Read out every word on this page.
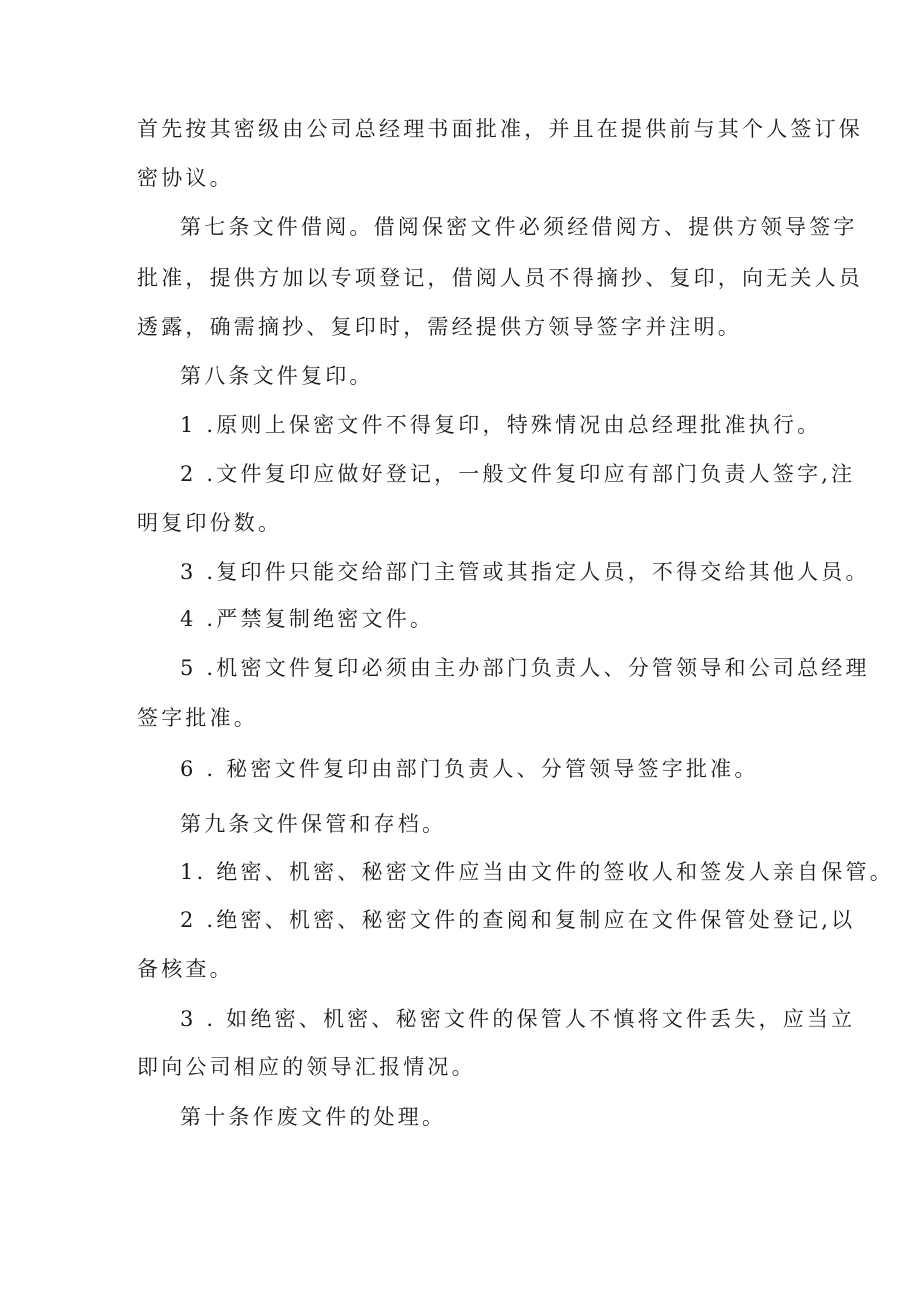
首先按其密级由公司总经理书面批准，并且在提供前与其个人签订保
密协议。
第七条文件借阅。借阅保密文件必须经借阅方、提供方领导签字
批准，提供方加以专项登记，借阅人员不得摘抄、复印，向无关人员
透露，确需摘抄、复印时，需经提供方领导签字并注明。
第八条文件复印。
1 .原则上保密文件不得复印，特殊情况由总经理批准执行。
2 .文件复印应做好登记，一般文件复印应有部门负责人签字,注
明复印份数。
3 .复印件只能交给部门主管或其指定人员，不得交给其他人员。
4 .严禁复制绝密文件。
5 .机密文件复印必须由主办部门负责人、分管领导和公司总经理
签字批准。
6 . 秘密文件复印由部门负责人、分管领导签字批准。
第九条文件保管和存档。
1. 绝密、机密、秘密文件应当由文件的签收人和签发人亲自保管。
2 .绝密、机密、秘密文件的查阅和复制应在文件保管处登记,以
备核查。
3 . 如绝密、机密、秘密文件的保管人不慎将文件丢失，应当立
即向公司相应的领导汇报情况。
第十条作废文件的处理。
